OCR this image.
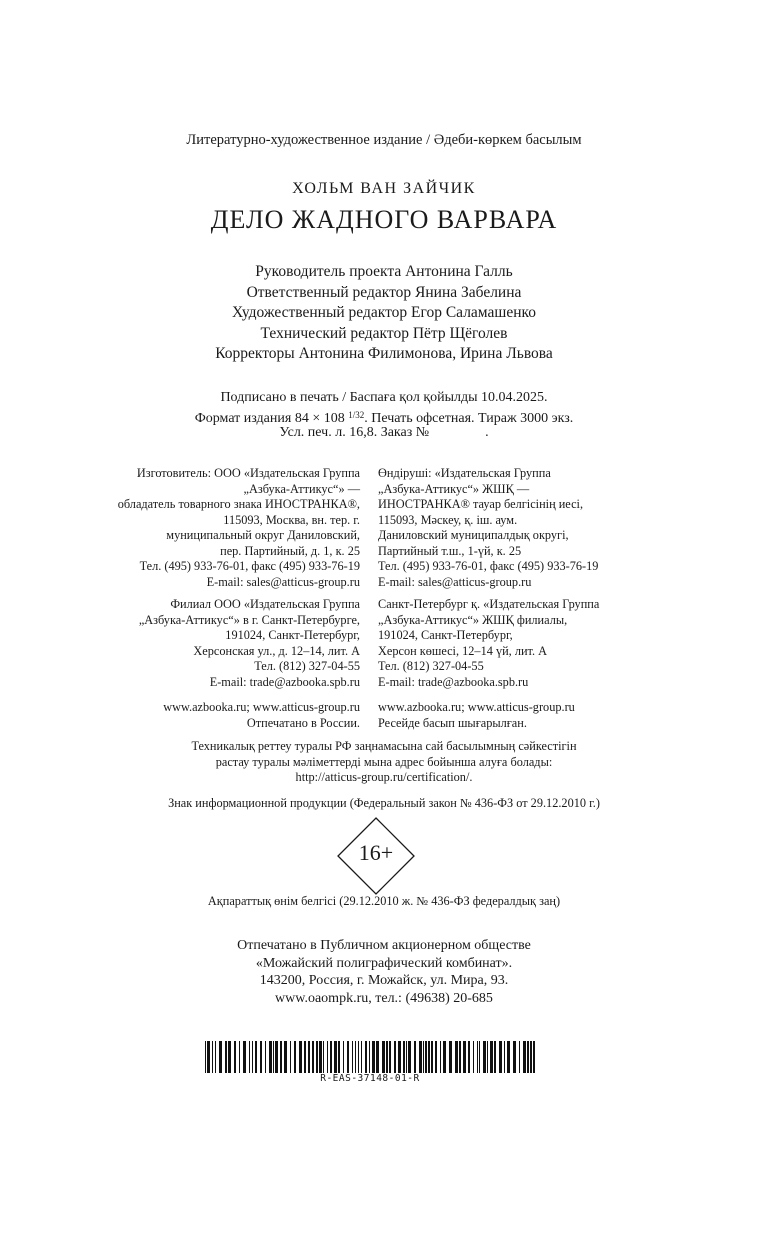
Литературно-художественное издание / Әдеби-көркем басылым
ХОЛЬМ ВАН ЗАЙЧИК
ДЕЛО ЖАДНОГО ВАРВАРА
Руководитель проекта Антонина Галль
Ответственный редактор Янина Забелина
Художественный редактор Егор Саламашенко
Технический редактор Пётр Щёголев
Корректоры Антонина Филимонова, Ирина Львова
Подписано в печать / Баспаға қол қойылды 10.04.2025.
Формат издания 84 × 108 $^{1/32}$. Печать офсетная. Тираж 3000 экз.
Усл. печ. л. 16,8. Заказ №                .
Изготовитель: ООО «Издательская Группа
„Азбука-Аттикус“» —
обладатель товарного знака ИНОСТРАНКА®,
115093, Москва, вн. тер. г.
муниципальный округ Даниловский,
пер. Партийный, д. 1, к. 25
Тел. (495) 933-76-01, факс (495) 933-76-19
E-mail: sales@atticus-group.ru
Филиал ООО «Издательская Группа
„Азбука-Аттикус“» в г. Санкт-Петербурге,
191024, Санкт-Петербург,
Херсонская ул., д. 12–14, лит. А
Тел. (812) 327-04-55
E-mail: trade@azbooka.spb.ru
www.azbooka.ru; www.atticus-group.ru
Отпечатано в России.
Өндіруші: «Издательская Группа
„Азбука-Аттикус“» ЖШҚ —
ИНОСТРАНКА® тауар белгісінің иесі,
115093, Мәскеу, қ. іш. аум.
Даниловский муниципалдық округі,
Партийный т.ш., 1-үй, к. 25
Тел. (495) 933-76-01, факс (495) 933-76-19
E-mail: sales@atticus-group.ru
Санкт-Петербург қ. «Издательская Группа
„Азбука-Аттикус“» ЖШҚ филиалы,
191024, Санкт-Петербург,
Херсон көшесі, 12–14 үй, лит. А
Тел. (812) 327-04-55
E-mail: trade@azbooka.spb.ru
www.azbooka.ru; www.atticus-group.ru
Ресейде басып шығарылған.
Техникалық реттеу туралы РФ заңнамасына сай басылымның сәйкестігін
растау туралы мәліметтерді мына адрес бойынша алуға болады:
http://atticus-group.ru/certification/.
Знак информационной продукции (Федеральный закон № 436-ФЗ от 29.12.2010 г.)
16+
Ақпараттық өнім белгісі (29.12.2010 ж. № 436-ФЗ федералдық заң)
Отпечатано в Публичном акционерном обществе
«Можайский полиграфический комбинат».
143200, Россия, г. Можайск, ул. Мира, 93.
www.oaompk.ru, тел.: (49638) 20-685
R-EAS-37148-01-R
